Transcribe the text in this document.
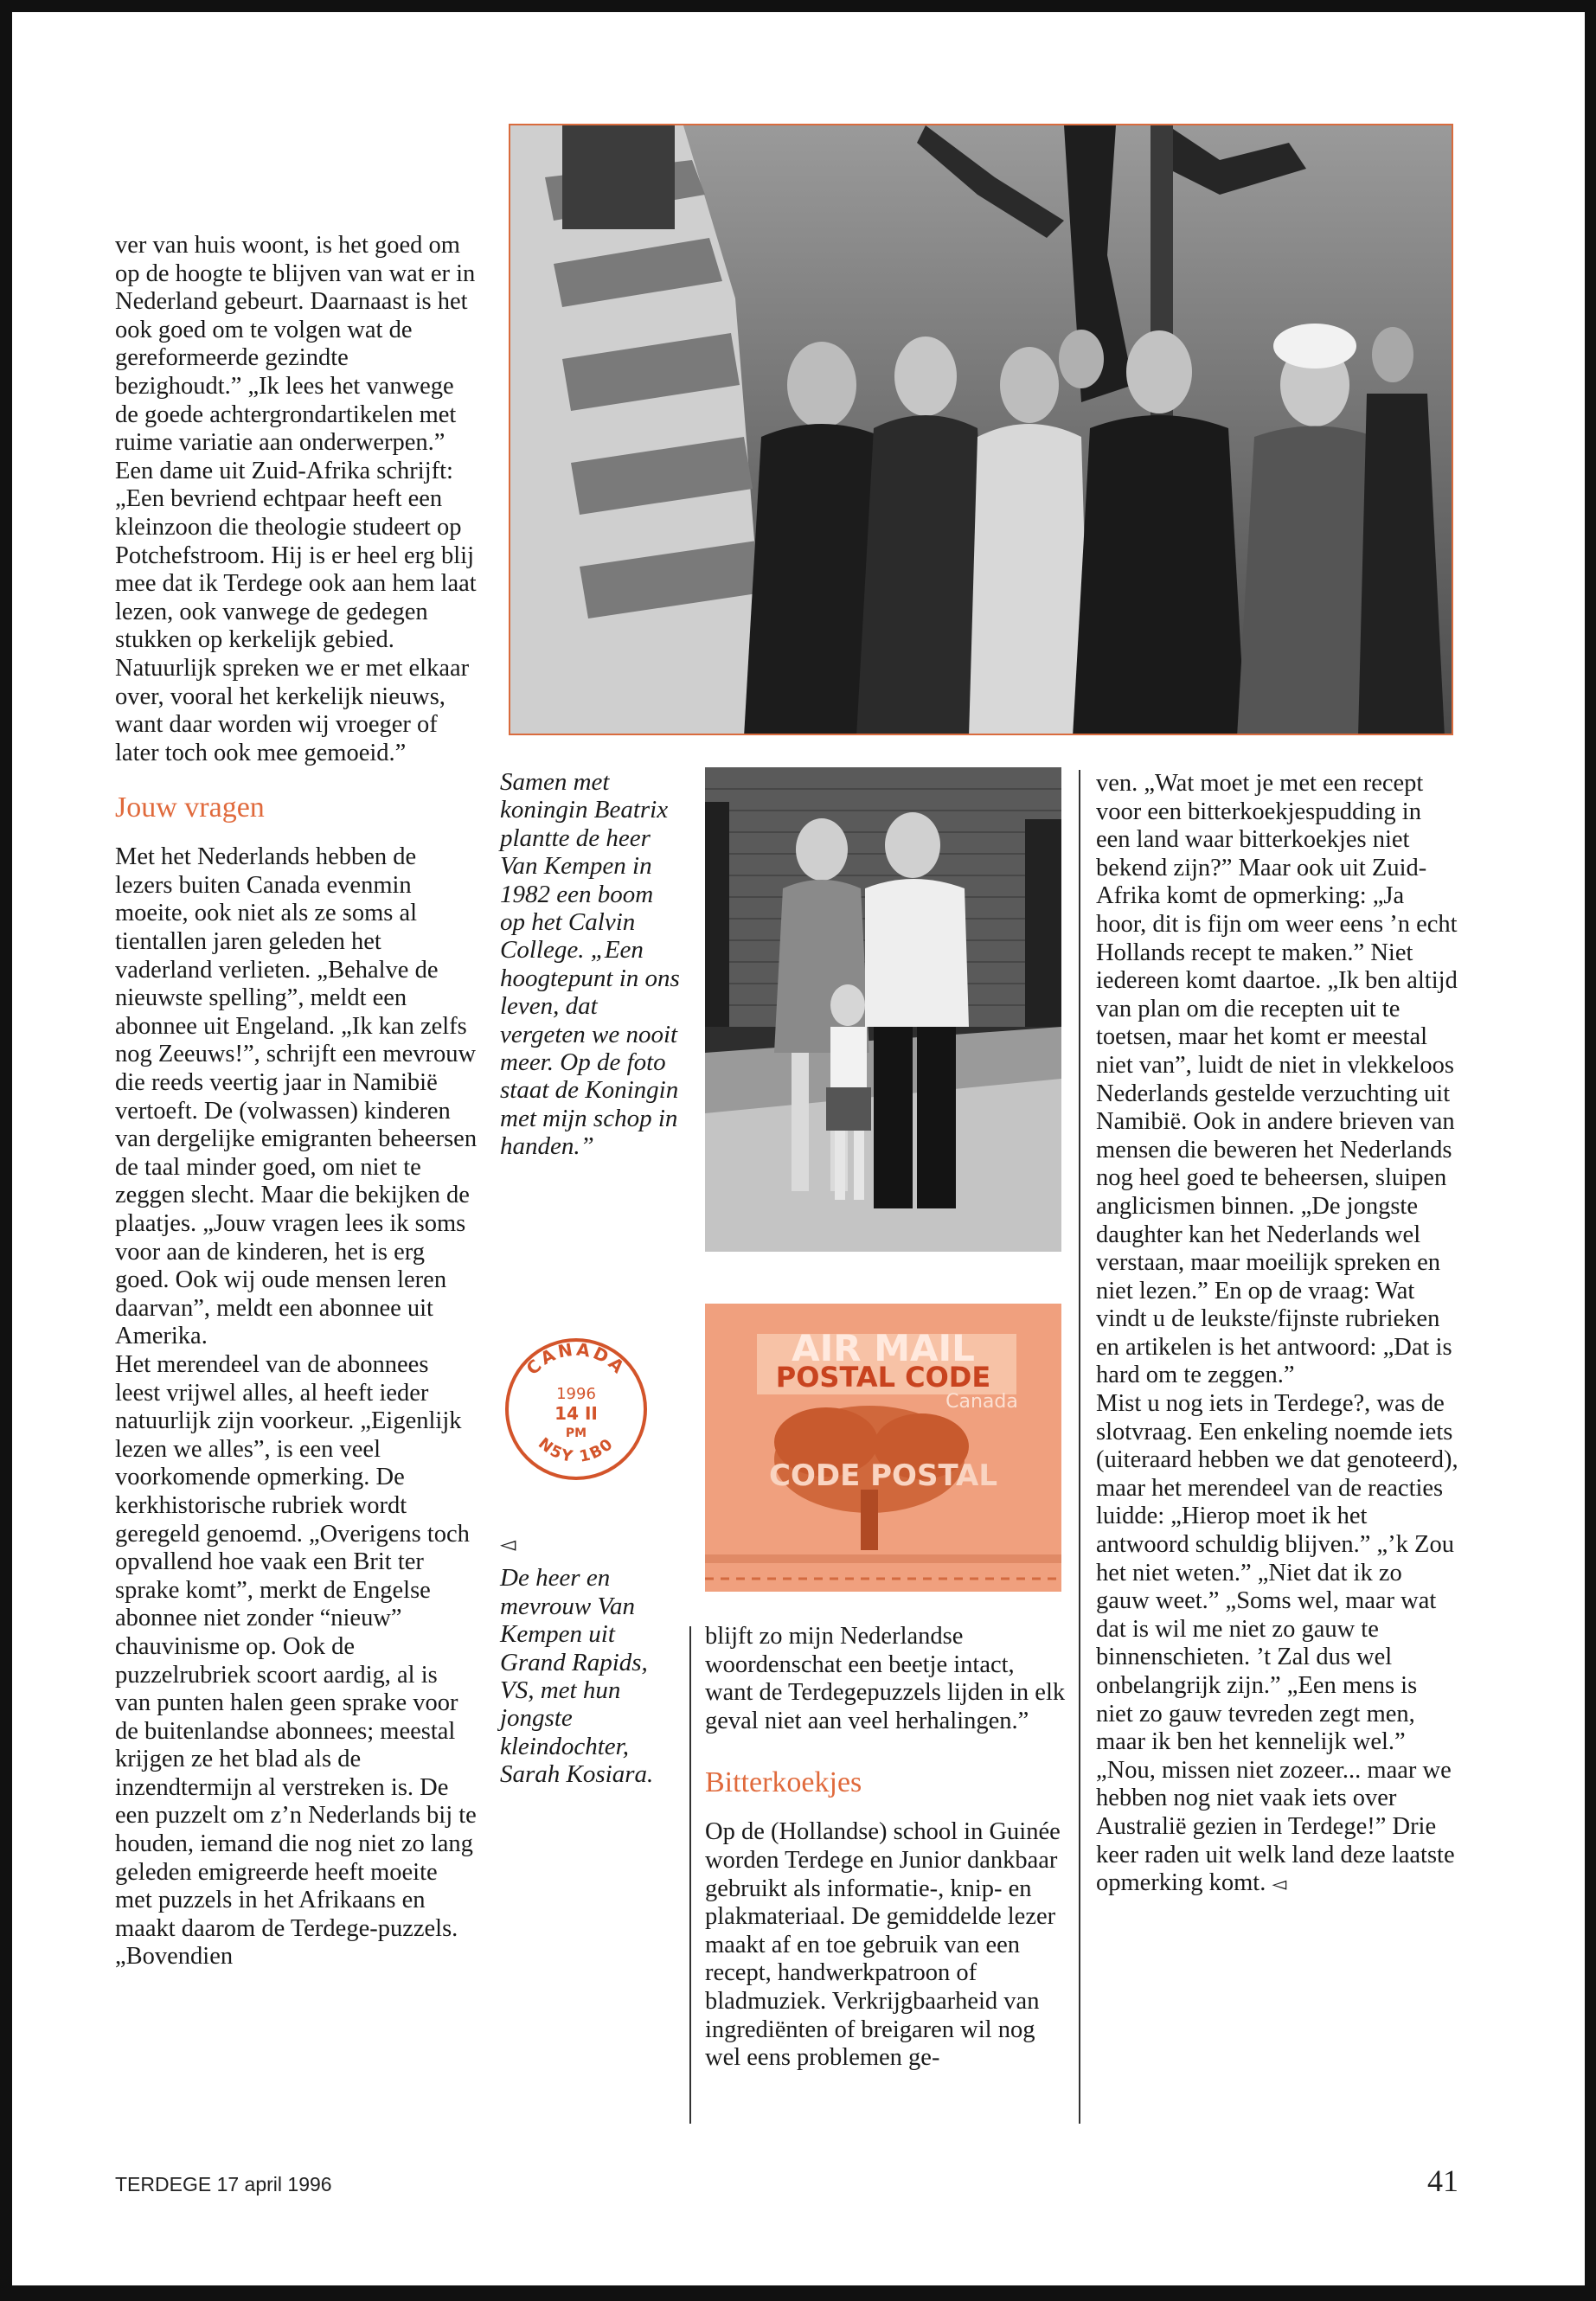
ver van huis woont, is het goed om op de hoogte te blijven van wat er in Nederland gebeurt. Daarnaast is het ook goed om te volgen wat de gereformeerde gezindte bezighoudt.” „Ik lees het vanwege de goede achtergrondartikelen met ruime variatie aan onderwerpen.”

Een dame uit Zuid-Afrika schrijft: „Een bevriend echtpaar heeft een kleinzoon die theologie studeert op Potchefstroom. Hij is er heel erg blij mee dat ik Terdege ook aan hem laat lezen, ook vanwege de gedegen stukken op kerkelijk gebied. Natuurlijk spreken we er met elkaar over, vooral het kerkelijk nieuws, want daar worden wij vroeger of later toch ook mee gemoeid.”

Jouw vragen

Met het Nederlands hebben de lezers buiten Canada evenmin moeite, ook niet als ze soms al tientallen jaren geleden het vaderland verlieten. „Behalve de nieuwste spelling”, meldt een abonnee uit Engeland. „Ik kan zelfs nog Zeeuws!”, schrijft een mevrouw die reeds veertig jaar in Namibië vertoeft. De (volwassen) kinderen van dergelijke emigranten beheersen de taal minder goed, om niet te zeggen slecht. Maar die bekijken de plaatjes. „Jouw vragen lees ik soms voor aan de kinderen, het is erg goed. Ook wij oude mensen leren daarvan”, meldt een abonnee uit Amerika.

Het merendeel van de abonnees leest vrijwel alles, al heeft ieder natuurlijk zijn voorkeur. „Eigenlijk lezen we alles”, is een veel voorkomende opmerking. De kerkhistorische rubriek wordt geregeld genoemd. „Overigens toch opvallend hoe vaak een Brit ter sprake komt”, merkt de Engelse abonnee niet zonder “nieuw” chauvinisme op. Ook de puzzelrubriek scoort aardig, al is van punten halen geen sprake voor de buitenlandse abonnees; meestal krijgen ze het blad als de inzendtermijn al verstreken is. De een puzzelt om z’n Nederlands bij te houden, iemand die nog niet zo lang geleden emigreerde heeft moeite met puzzels in het Afrikaans en maakt daarom de Terdege-puzzels. „Bovendien

Samen met koningin Beatrix plantte de heer Van Kempen in 1982 een boom op het Calvin College. „Een hoogtepunt in ons leven, dat vergeten we nooit meer. Op de foto staat de Koningin met mijn schop in handen.”
CANADA
N5Y 1B0
1996
14 II
PM
◅
De heer en mevrouw Van Kempen uit Grand Rapids, VS, met hun jongste kleindochter, Sarah Kosiara.
AIR MAIL
POSTAL CODE
Canada
CODE POSTAL

blijft zo mijn Nederlandse woordenschat een beetje intact, want de Terdegepuzzels lijden in elk geval niet aan veel herhalingen.”

Bitterkoekjes

Op de (Hollandse) school in Guinée worden Terdege en Junior dankbaar gebruikt als informatie-, knip- en plakmateriaal. De gemiddelde lezer maakt af en toe gebruik van een recept, handwerkpatroon of bladmuziek. Verkrijgbaarheid van ingrediënten of breigaren wil nog wel eens problemen ge-

ven. „Wat moet je met een recept voor een bitterkoekjespudding in een land waar bitterkoekjes niet bekend zijn?” Maar ook uit Zuid-Afrika komt de opmerking: „Ja hoor, dit is fijn om weer eens ’n echt Hollands recept te maken.” Niet iedereen komt daartoe. „Ik ben altijd van plan om die recepten uit te toetsen, maar het komt er meestal niet van”, luidt de niet in vlekkeloos Nederlands gestelde verzuchting uit Namibië. Ook in andere brieven van mensen die beweren het Nederlands nog heel goed te beheersen, sluipen anglicismen binnen. „De jongste daughter kan het Nederlands wel verstaan, maar moeilijk spreken en niet lezen.” En op de vraag: Wat vindt u de leukste/fijnste rubrieken en artikelen is het antwoord: „Dat is hard om te zeggen.”

Mist u nog iets in Terdege?, was de slotvraag. Een enkeling noemde iets (uiteraard hebben we dat genoteerd), maar het merendeel van de reacties luidde: „Hierop moet ik het antwoord schuldig blijven.” „’k Zou het niet weten.” „Niet dat ik zo gauw weet.” „Soms wel, maar wat dat is wil me niet zo gauw te binnenschieten. ’t Zal dus wel onbelangrijk zijn.” „Een mens is niet zo gauw tevreden zegt men, maar ik ben het kennelijk wel.” „Nou, missen niet zozeer... maar we hebben nog niet vaak iets over Australië gezien in Terdege!” Drie keer raden uit welk land deze laatste opmerking komt. ◅

TERDEGE 17 april 1996	41
